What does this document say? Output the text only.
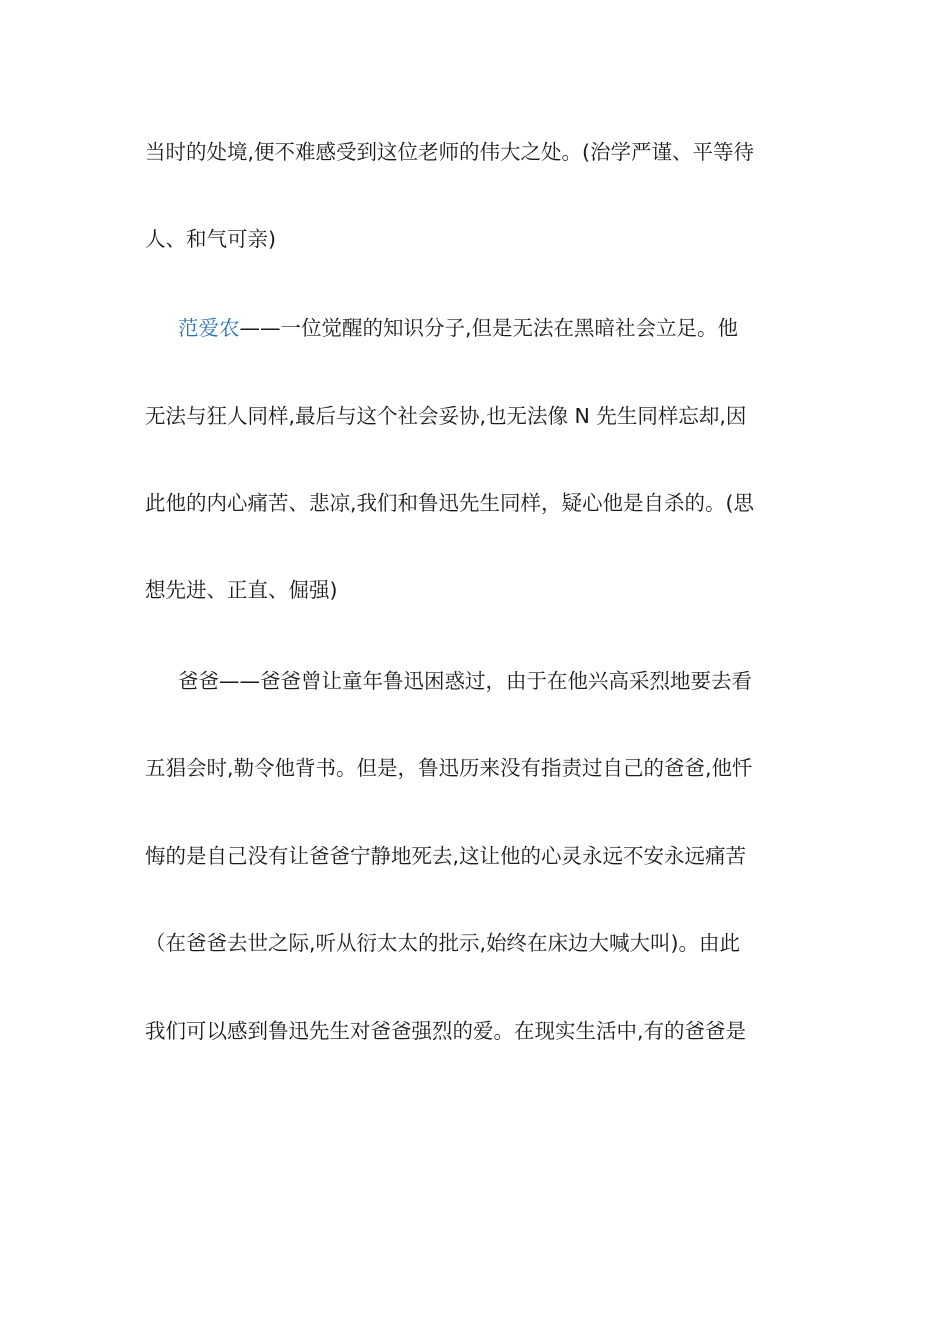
当时的处境,便不难感受到这位老师的伟大之处。(治学严谨、平等待
人、和气可亲)
范爱农——一位觉醒的知识分子,但是无法在黑暗社会立足。他
无法与狂人同样,最后与这个社会妥协,也无法像 N 先生同样忘却,因
此他的内心痛苦、悲凉,我们和鲁迅先生同样，疑心他是自杀的。(思
想先进、正直、倔强)
爸爸——爸爸曾让童年鲁迅困惑过，由于在他兴高采烈地要去看
五猖会时,勒令他背书。但是，鲁迅历来没有指责过自己的爸爸,他忏
悔的是自己没有让爸爸宁静地死去,这让他的心灵永远不安永远痛苦
（在爸爸去世之际,听从衍太太的批示,始终在床边大喊大叫)。由此
我们可以感到鲁迅先生对爸爸强烈的爱。在现实生活中,有的爸爸是
